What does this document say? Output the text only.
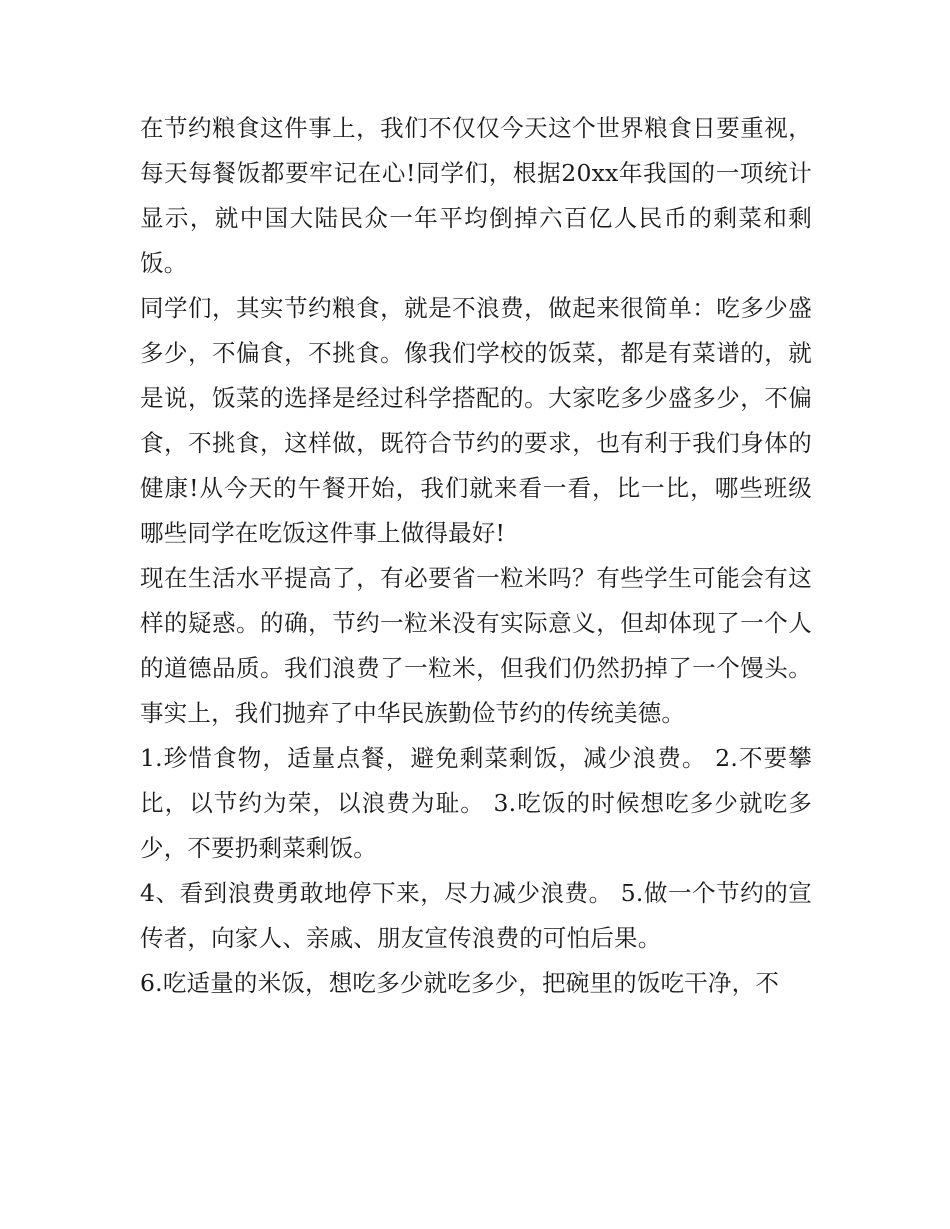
在节约粮食这件事上，我们不仅仅今天这个世界粮食日要重视，每天每餐饭都要牢记在心!同学们，根据20xx年我国的一项统计显示，就中国大陆民众一年平均倒掉六百亿人民币的剩菜和剩饭。

同学们，其实节约粮食，就是不浪费，做起来很简单：吃多少盛多少，不偏食，不挑食。像我们学校的饭菜，都是有菜谱的，就是说，饭菜的选择是经过科学搭配的。大家吃多少盛多少，不偏食，不挑食，这样做，既符合节约的要求，也有利于我们身体的健康!从今天的午餐开始，我们就来看一看，比一比，哪些班级哪些同学在吃饭这件事上做得最好!

现在生活水平提高了，有必要省一粒米吗？有些学生可能会有这样的疑惑。的确，节约一粒米没有实际意义，但却体现了一个人的道德品质。我们浪费了一粒米，但我们仍然扔掉了一个馒头。事实上，我们抛弃了中华民族勤俭节约的传统美德。

1.珍惜食物，适量点餐，避免剩菜剩饭，减少浪费。 2.不要攀比，以节约为荣，以浪费为耻。 3.吃饭的时候想吃多少就吃多少，不要扔剩菜剩饭。

4、看到浪费勇敢地停下来，尽力减少浪费。 5.做一个节约的宣传者，向家人、亲戚、朋友宣传浪费的可怕后果。

6.吃适量的米饭，想吃多少就吃多少，把碗里的饭吃干净，不
